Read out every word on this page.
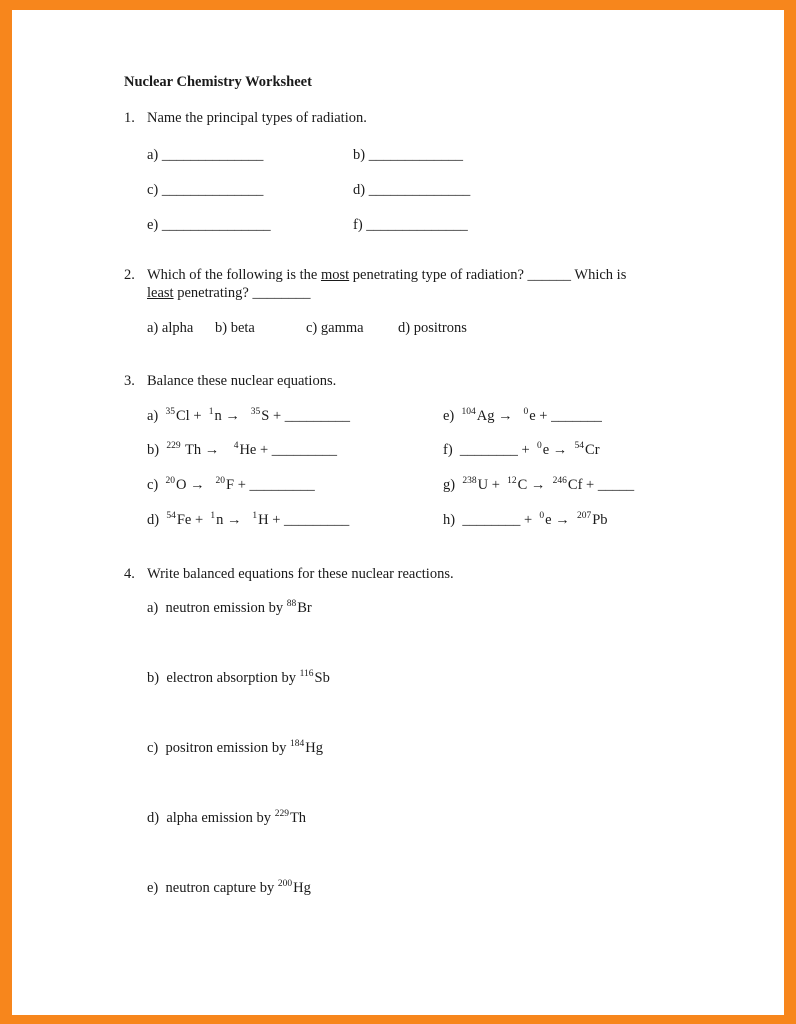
Nuclear Chemistry Worksheet
1. Name the principal types of radiation.
a) ______________	b) _____________
c) ______________	d) ______________
e) _______________	f) ______________
2. Which of the following is the most penetrating type of radiation? ______ Which is
least penetrating? ________
a) alpha b) beta	c) gamma d) positrons
3. Balance these nuclear equations.
a) $^{35}$Cl + $^1$n → $^{35}$S + _________
b) $^{229}$ Th → $^4$He + _________
c) $^{20}$O → $^{20}$F + _________
d) $^{54}$Fe + $^1$n → $^1$H + _________
e) $^{104}$Ag → $^0$e + _______
f) ________ + $^0$e → $^{54}$Cr
g) $^{238}$U + $^{12}$C → $^{246}$Cf + _____
h) ________ + $^0$e → $^{207}$Pb
4. Write balanced equations for these nuclear reactions.
a) neutron emission by $^{88}$Br
b) electron absorption by $^{116}$Sb
c) positron emission by $^{184}$Hg
d) alpha emission by $^{229}$Th
e) neutron capture by $^{200}$Hg
